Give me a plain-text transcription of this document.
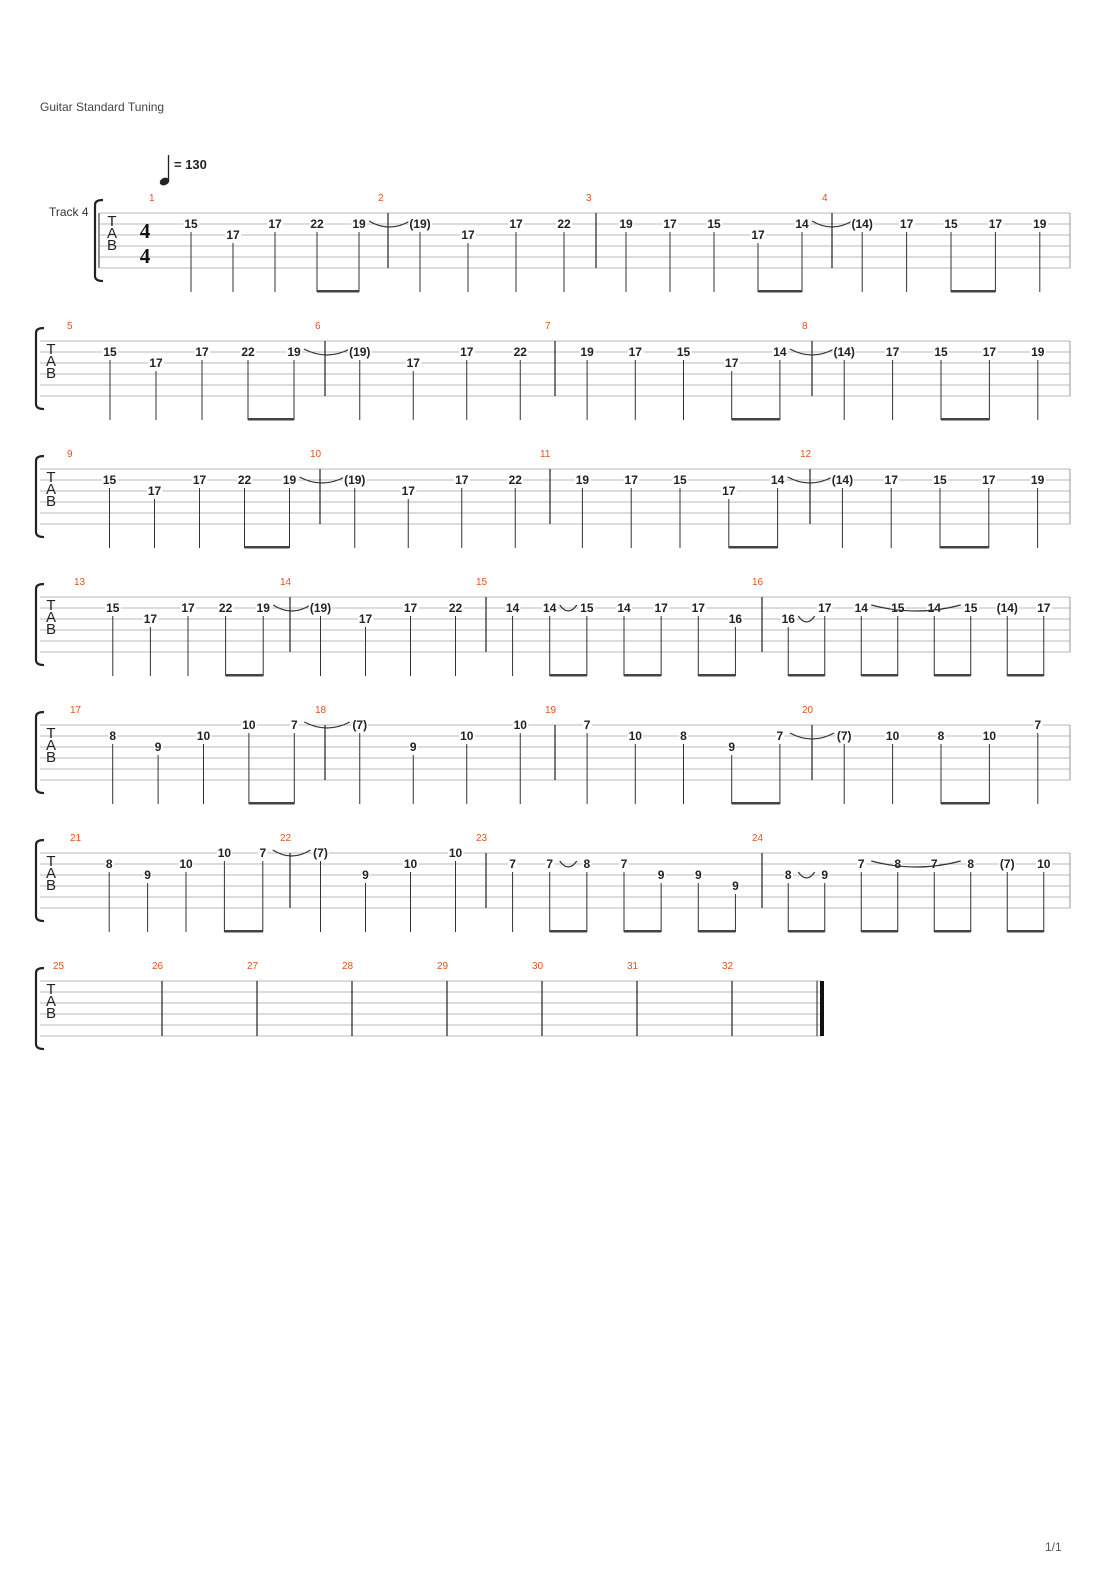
Guitar Standard Tuning
= 130
Track 4
T
A
B
4
4
1
15
17
17 22 19
2
(19)
17
17	22
3
19	17	15
17
14
4
(14) 17	15	17	19
T
A
B
5
15
17
17	22	19
6
(19)
17
17	22
7
19	17	15
17
14
8
(14)	17	15	17	19
T
A
B
9
15
17
17	22	19
10
(19)
17
17	22
11
19	17	15
17
14
12
(14)	17	15	17	19
T
A
B
13
15
17
17 22 19
14
(19)
17
17	22
15
14 14 15 14 17 17
16
16
16
17 14 15 14 15 (14) 17
T
A
B
17
8
9
10
10	7
18
(7)
9
10
10
19
7
10	8
9
7
20
(7)	10	8	10
7
T
A
B
21
8
9
10
10 7
22
(7)
9
10
10
23
7	7	8	7
9	9
9
24
8 9
7 8 7 8 (7) 10
T
A
B
25	26	27	28	29	30	31	32
1/1
